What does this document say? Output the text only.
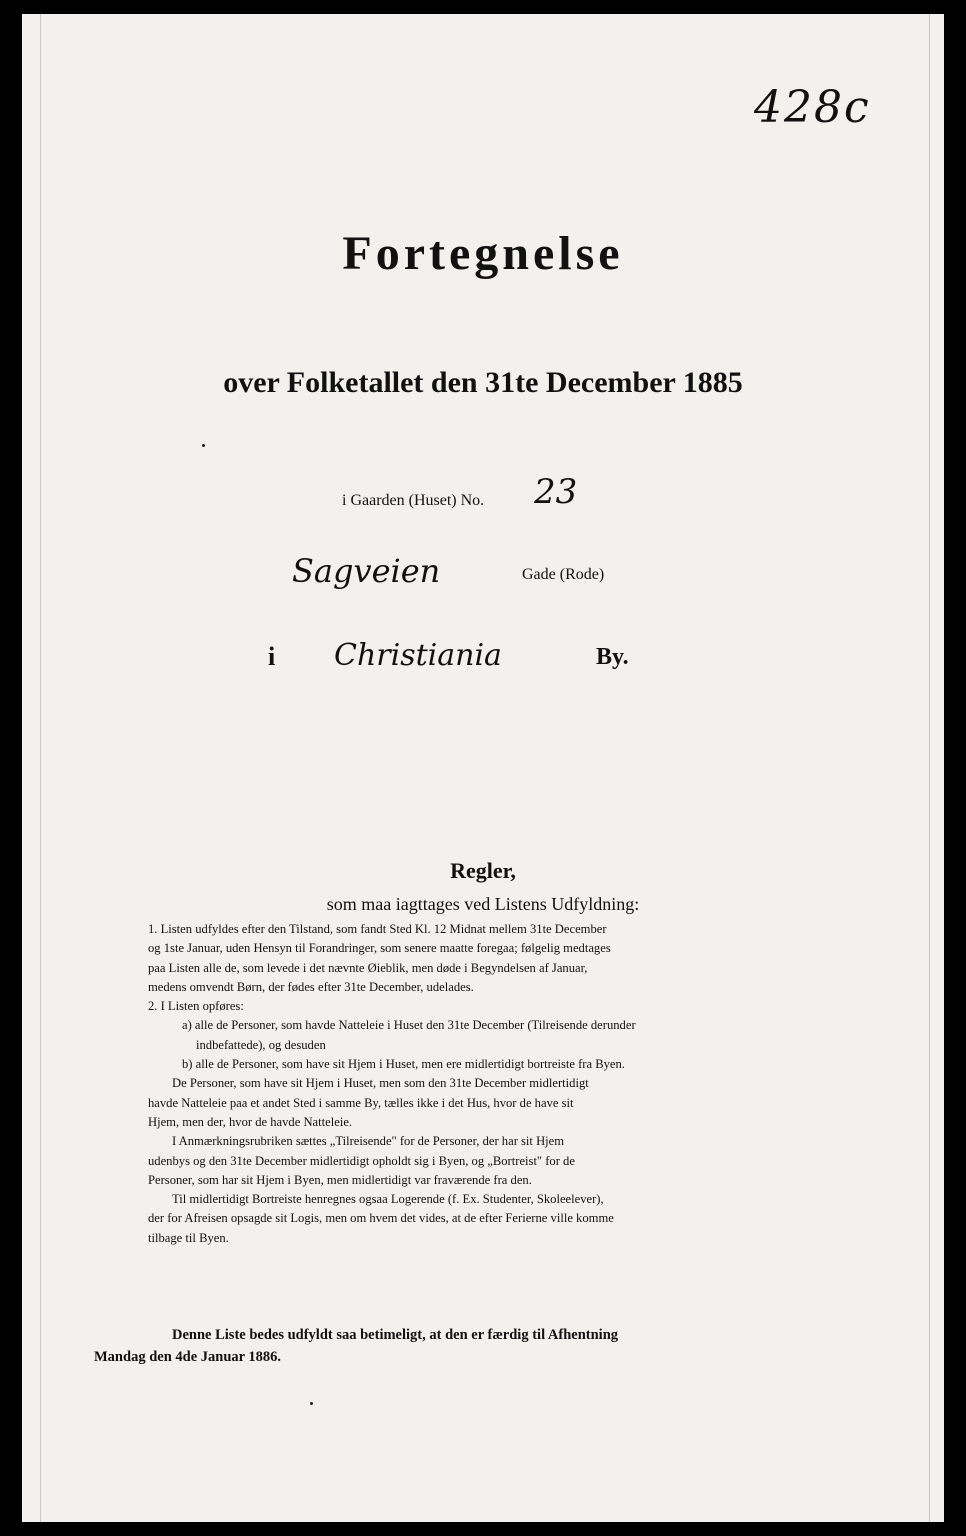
428c
Fortegnelse
over Folketallet den 31te December 1885
i Gaarden (Huset) No. 23
Sagveien	Gade (Rode)
i Christiania	By.
Regler,
som maa iagttages ved Listens Udfyldning:
1. Listen udfyldes efter den Tilstand, som fandt Sted Kl. 12 Midnat mellem 31te December
og 1ste Januar, uden Hensyn til Forandringer, som senere maatte foregaa; følgelig medtages
paa Listen alle de, som levede i det nævnte Øieblik, men døde i Begyndelsen af Januar,
medens omvendt Børn, der fødes efter 31te December, udelades.
2. I Listen opføres:
a) alle de Personer, som havde Natteleie i Huset den 31te December (Tilreisende derunder
indbefattede), og desuden
b) alle de Personer, som have sit Hjem i Huset, men ere midlertidigt bortreiste fra Byen.
De Personer, som have sit Hjem i Huset, men som den 31te December midlertidigt
havde Natteleie paa et andet Sted i samme By, tælles ikke i det Hus, hvor de have sit
Hjem, men der, hvor de havde Natteleie.
I Anmærkningsrubriken sættes „Tilreisende" for de Personer, der har sit Hjem
udenbys og den 31te December midlertidigt opholdt sig i Byen, og „Bortreist" for de
Personer, som har sit Hjem i Byen, men midlertidigt var fraværende fra den.
Til midlertidigt Bortreiste henregnes ogsaa Logerende (f. Ex. Studenter, Skoleelever),
der for Afreisen opsagde sit Logis, men om hvem det vides, at de efter Ferierne ville komme
tilbage til Byen.
Denne Liste bedes udfyldt saa betimeligt, at den er færdig til Afhentning
Mandag den 4de Januar 1886.
